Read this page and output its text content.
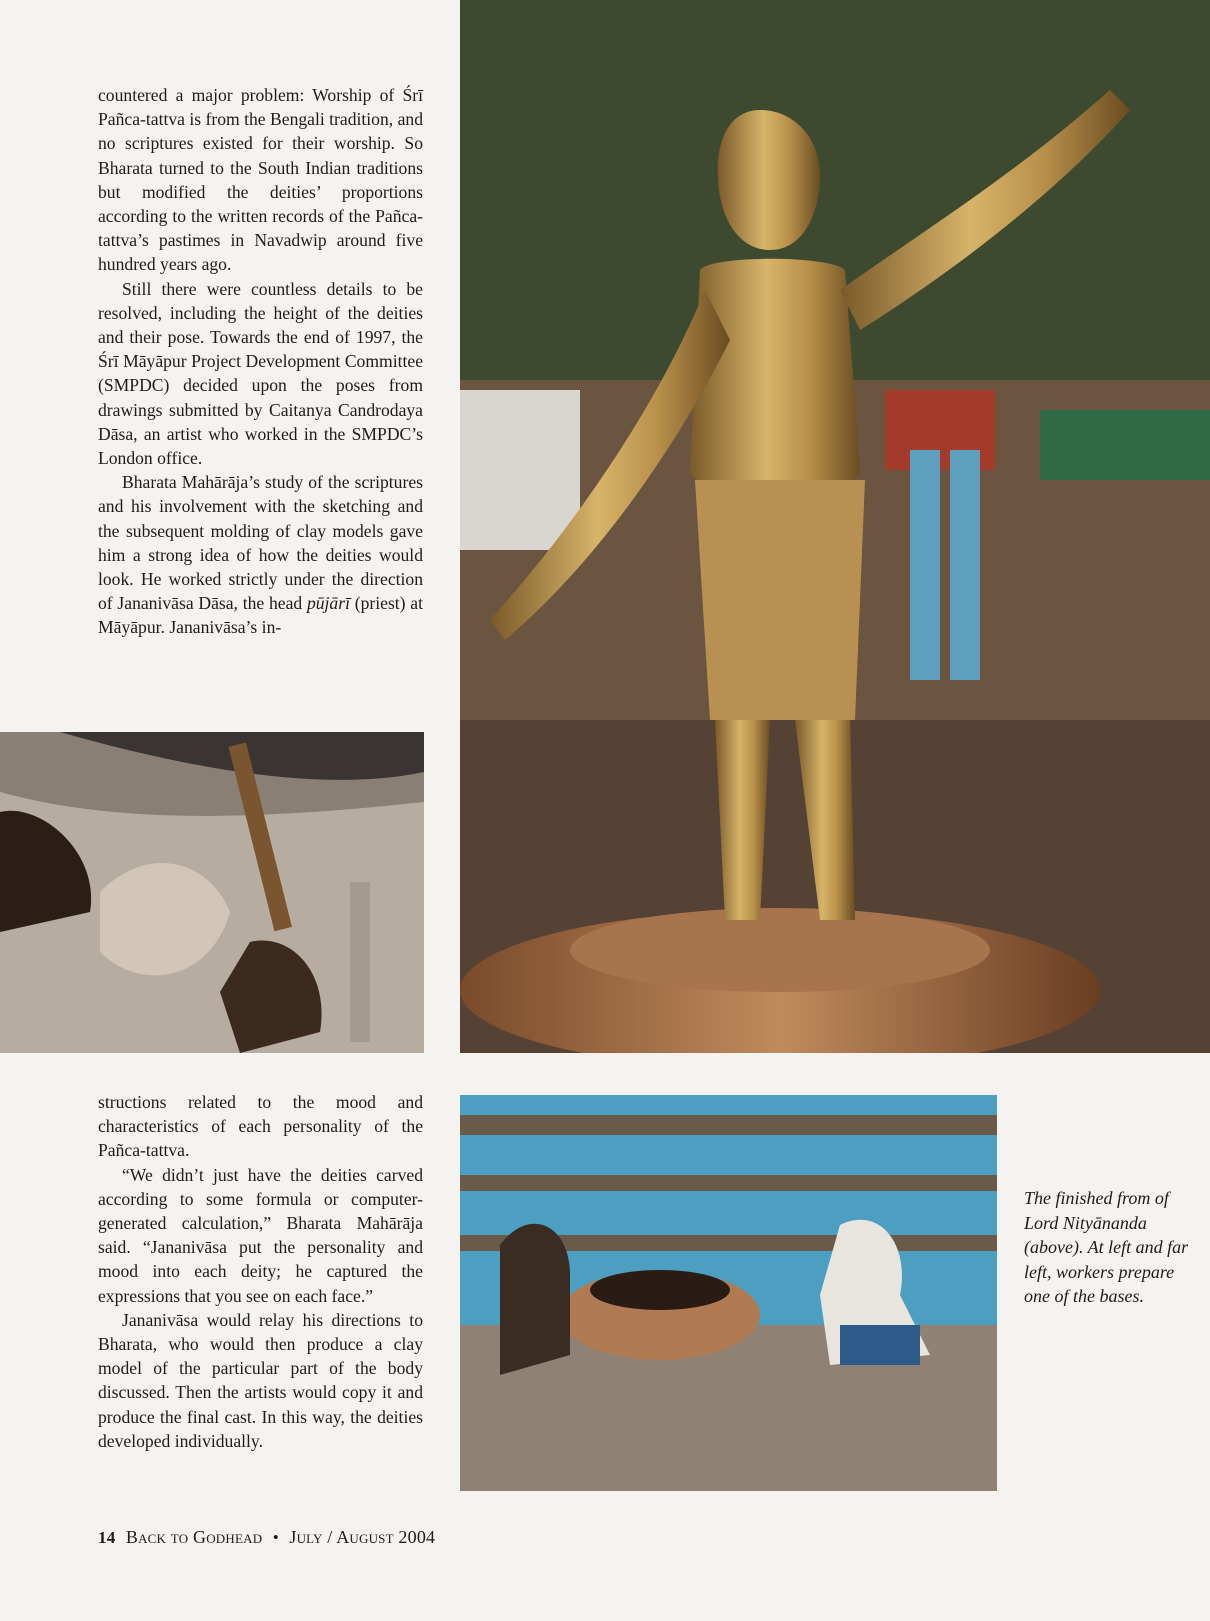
countered a major problem: Worship of Śrī Pañca-tattva is from the Bengali tradition, and no scriptures existed for their worship. So Bharata turned to the South Indian traditions but modified the deities’ proportions according to the written records of the Pañca-tattva’s pastimes in Navadwip around five hundred years ago.

Still there were countless details to be resolved, including the height of the deities and their pose. Towards the end of 1997, the Śrī Māyāpur Project Development Committee (SMPDC) decided upon the poses from drawings submitted by Caitanya Candrodaya Dāsa, an artist who worked in the SMPDC’s London office.

Bharata Mahārāja’s study of the scriptures and his involvement with the sketching and the subsequent molding of clay models gave him a strong idea of how the deities would look. He worked strictly under the direction of Jananivāsa Dāsa, the head pūjārī (priest) at Māyāpur. Jananivāsa’s in-

structions related to the mood and characteristics of each personality of the Pañca-tattva.

“We didn’t just have the deities carved according to some formula or computer-generated calculation,” Bharata Mahārāja said. “Jananivāsa put the personality and mood into each deity; he captured the expressions that you see on each face.”

Jananivāsa would relay his directions to Bharata, who would then produce a clay model of the particular part of the body discussed. Then the artists would copy it and produce the final cast. In this way, the deities developed individually.

The finished from of Lord Nityānanda (above). At left and far left, workers prepare one of the bases.
14 Back to Godhead • July / August 2004
